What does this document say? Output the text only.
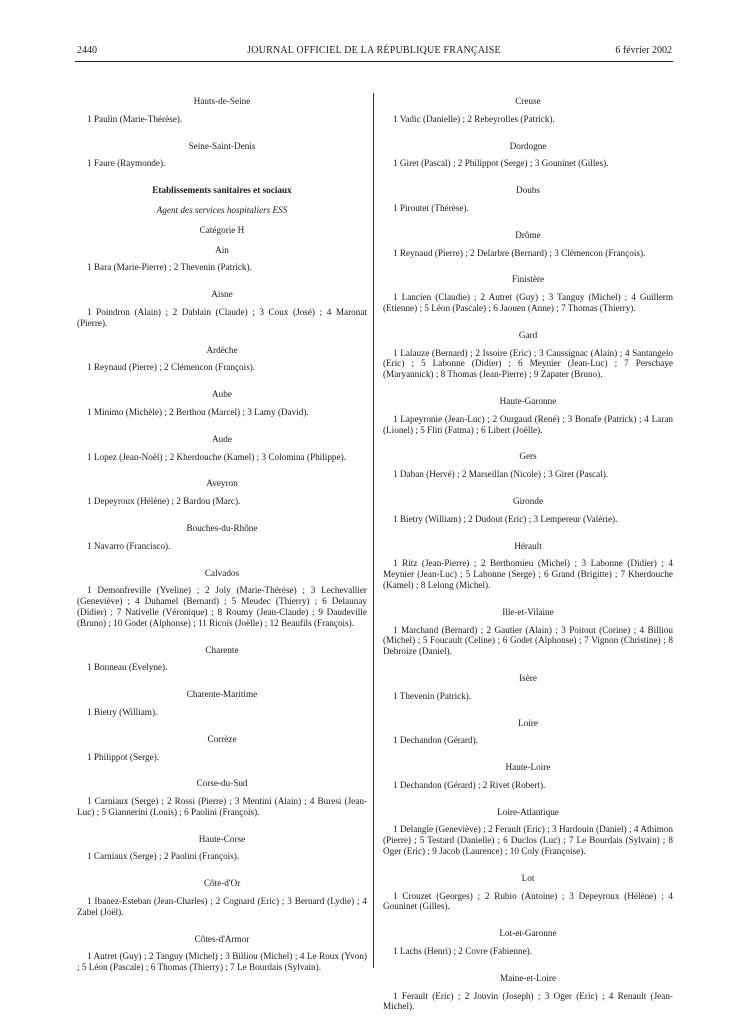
2440	JOURNAL OFFICIEL DE LA RÉPUBLIQUE FRANÇAISE	6 février 2002
Hauts-de-Seine
1 Paulin (Marie-Thérèse).
Seine-Saint-Denis
1 Faure (Raymonde).
Etablissements sanitaires et sociaux
Agent des services hospitaliers ESS
Catégorie H
Ain
1 Bara (Marie-Pierre) ; 2 Thevenin (Patrick).
Aisne
1 Poindron (Alain) ; 2 Dablain (Claude) ; 3 Coux (José) ; 4 Maronat (Pierre).
Ardèche
1 Reynaud (Pierre) ; 2 Clémencon (François).
Aube
1 Minimo (Michèle) ; 2 Berthou (Marcel) ; 3 Lamy (David).
Aude
1 Lopez (Jean-Noël) ; 2 Kherdouche (Kamel) ; 3 Colomina (Philippe).
Aveyron
1 Depeyroux (Hélène) ; 2 Bardou (Marc).
Bouches-du-Rhône
1 Navarro (Francisco).
Calvados
1 Demonfreville (Yveline) ; 2 Joly (Marie-Thérèse) ; 3 Lechevallier (Geneviève) ; 4 Duhamel (Bernard) ; 5 Meudec (Thierry) ; 6 Delaunay (Didier) ; 7 Nativelle (Véronique) ; 8 Roumy (Jean-Claude) ; 9 Daudeville (Bruno) ; 10 Godet (Alphonse) ; 11 Ricois (Joëlle) ; 12 Beaufils (François).
Charente
1 Bonneau (Evelyne).
Charente-Maritime
1 Bietry (William).
Corrèze
1 Philippot (Serge).
Corse-du-Sud
1 Carniaux (Serge) ; 2 Rossi (Pierre) ; 3 Mentini (Alain) ; 4 Buresi (Jean-Luc) ; 5 Giannerini (Louis) ; 6 Paolini (François).
Haute-Corse
1 Carniaux (Serge) ; 2 Paolini (François).
Côte-d'Or
1 Ibanez-Esteban (Jean-Charles) ; 2 Cognard (Eric) ; 3 Bernard (Lydie) ; 4 Zabel (Joël).
Côtes-d'Armor
1 Autret (Guy) ; 2 Tanguy (Michel) ; 3 Billiou (Michel) ; 4 Le Roux (Yvon) ; 5 Léon (Pascale) ; 6 Thomas (Thierry) ; 7 Le Bourdais (Sylvain).
Creuse
1 Vadic (Danielle) ; 2 Rebeyrolles (Patrick).
Dordogne
1 Giret (Pascal) ; 2 Philippot (Serge) ; 3 Gouninet (Gilles).
Doubs
1 Piroutet (Thérèse).
Drôme
1 Reynaud (Pierre) ; 2 Delarbre (Bernard) ; 3 Clémencon (François).
Finistère
1 Lancien (Claudie) ; 2 Autret (Guy) ; 3 Tanguy (Michel) ; 4 Guillerm (Etienne) ; 5 Léon (Pascale) ; 6 Jaouen (Anne) ; 7 Thomas (Thierry).
Gard
1 Lalauze (Bernard) ; 2 Issoire (Eric) ; 3 Caussignac (Alain) ; 4 Santangelo (Eric) ; 5 Labonne (Didier) ; 6 Meynier (Jean-Luc) ; 7 Perschaye (Maryannick) ; 8 Thomas (Jean-Pierre) ; 9 Zapater (Bruno).
Haute-Garonne
1 Lapeyronie (Jean-Luc) ; 2 Ourgaud (René) ; 3 Bonafe (Patrick) ; 4 Laran (Lionel) ; 5 Fliti (Fatma) ; 6 Libert (Joëlle).
Gers
1 Daban (Hervé) ; 2 Marseillan (Nicole) ; 3 Giret (Pascal).
Gironde
1 Bietry (William) ; 2 Dudout (Eric) ; 3 Lempereur (Valérie).
Hérault
1 Ritz (Jean-Pierre) ; 2 Berthomieu (Michel) ; 3 Labonne (Didier) ; 4 Meynier (Jean-Luc) ; 5 Labonne (Serge) ; 6 Grand (Brigitte) ; 7 Kherdouche (Kamel) ; 8 Lelong (Michel).
Ille-et-Vilaine
1 Marchand (Bernard) ; 2 Gautier (Alain) ; 3 Poitout (Corine) ; 4 Billiou (Michel) ; 5 Foucault (Celine) ; 6 Godet (Alphonse) ; 7 Vignon (Christine) ; 8 Debroize (Daniel).
Isère
1 Thevenin (Patrick).
Loire
1 Dechandon (Gérard).
Haute-Loire
1 Dechandon (Gérard) ; 2 Rivet (Robert).
Loire-Atlantique
1 Delangle (Geneviève) ; 2 Ferault (Eric) ; 3 Hardouin (Daniel) ; 4 Athimon (Pierre) ; 5 Testard (Danielle) ; 6 Duclos (Luc) ; 7 Le Bourdais (Sylvain) ; 8 Oger (Eric) ; 9 Jacob (Laurence) ; 10 Coly (Françoise).
Lot
1 Crouzet (Georges) ; 2 Rubio (Antoine) ; 3 Depeyroux (Hélène) ; 4 Gouninet (Gilles).
Lot-et-Garonne
1 Lachs (Henri) ; 2 Covre (Fabienne).
Maine-et-Loire
1 Ferault (Eric) ; 2 Jouvin (Joseph) ; 3 Oger (Eric) ; 4 Renault (Jean-Michel).
